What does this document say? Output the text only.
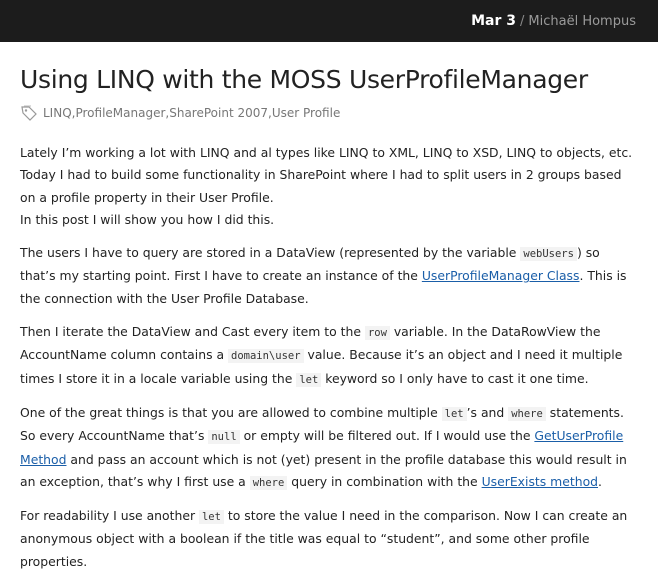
Mar 3 / Michaël Hompus
Using LINQ with the MOSS UserProfileManager
LINQ , ProfileManager , SharePoint 2007 , User Profile

Lately I’m working a lot with LINQ and al types like LINQ to XML, LINQ to XSD, LINQ to objects, etc.
Today I had to build some functionality in SharePoint where I had to split users in 2 groups based on a profile property in their User Profile.
In this post I will show you how I did this.

The users I have to query are stored in a DataView (represented by the variable webUsers ) so that’s my starting point. First I have to create an instance of the UserProfileManager Class. This is the connection with the User Profile Database.

Then I iterate the DataView and Cast every item to the row variable. In the DataRowView the AccountName column contains a domain\user value. Because it’s an object and I need it multiple times I store it in a locale variable using the let keyword so I only have to cast it one time.

One of the great things is that you are allowed to combine multiple let ’s and where statements. So every AccountName that’s null or empty will be filtered out. If I would use the GetUserProfile Method and pass an account which is not (yet) present in the profile database this would result in an exception, that’s why I first use a where query in combination with the UserExists method.

For readability I use another let to store the value I need in the comparison. Now I can create an anonymous object with a boolean if the title was equal to “student”, and some other profile properties.
